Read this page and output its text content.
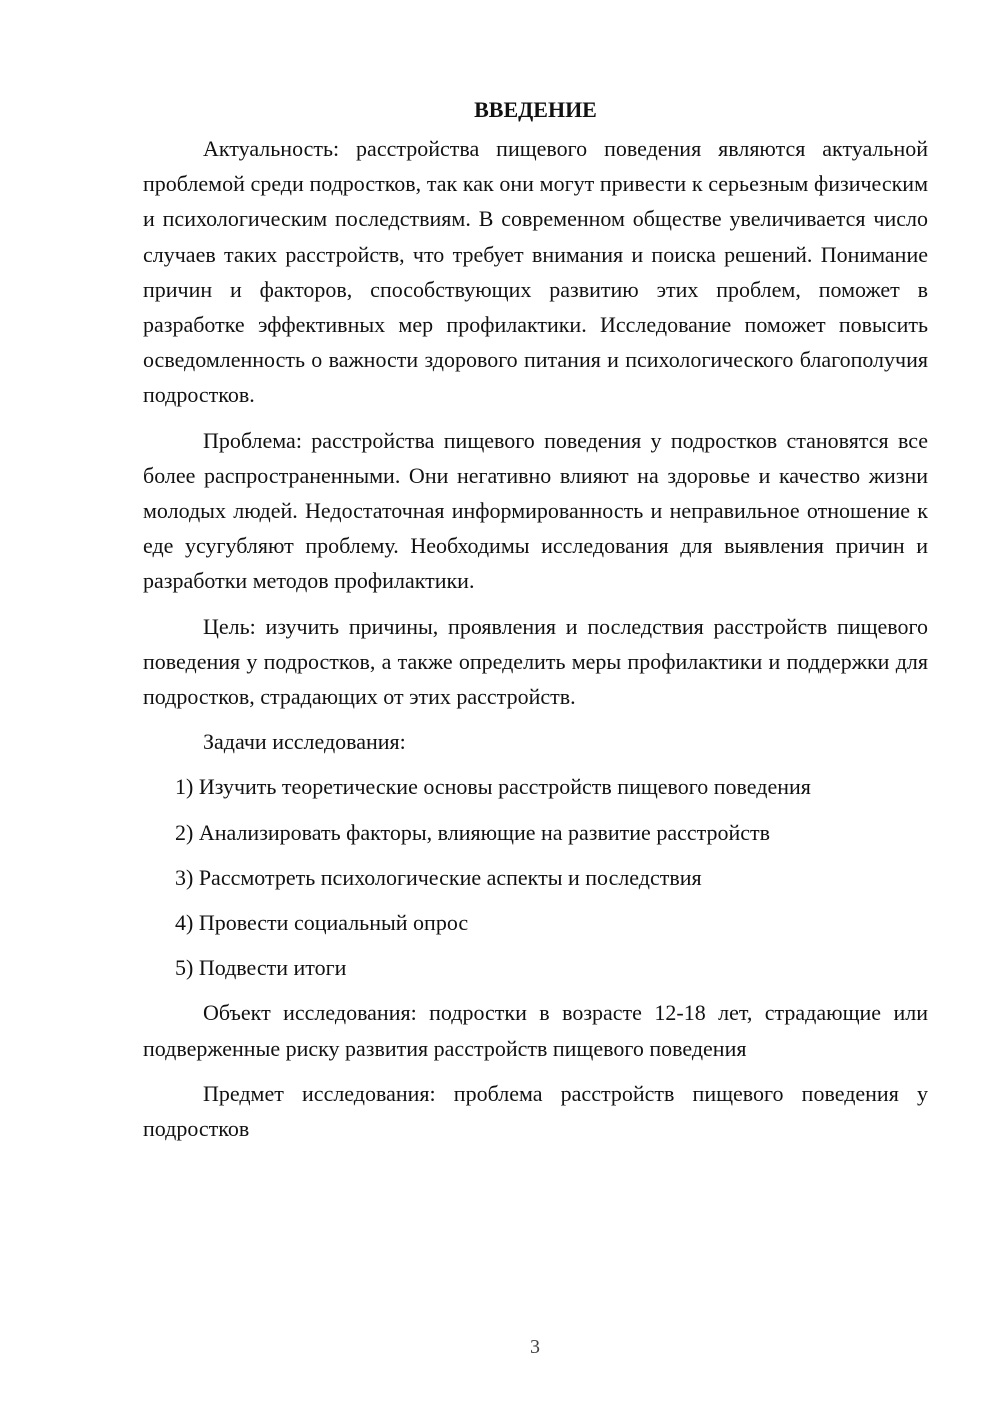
ВВЕДЕНИЕ

Актуальность: расстройства пищевого поведения являются актуальной проблемой среди подростков, так как они могут привести к серьезным физическим и психологическим последствиям. В современном обществе увеличивается число случаев таких расстройств, что требует внимания и поиска решений. Понимание причин и факторов, способствующих развитию этих проблем, поможет в разработке эффективных мер профилактики. Исследование поможет повысить осведомленность о важности здорового питания и психологического благополучия подростков.

Проблема: расстройства пищевого поведения у подростков становятся все более распространенными. Они негативно влияют на здоровье и качество жизни молодых людей. Недостаточная информированность и неправильное отношение к еде усугубляют проблему. Необходимы исследования для выявления причин и разработки методов профилактики.

Цель: изучить причины, проявления и последствия расстройств пищевого поведения у подростков, а также определить меры профилактики и поддержки для подростков, страдающих от этих расстройств.

Задачи исследования:

1) Изучить теоретические основы расстройств пищевого поведения
2) Анализировать факторы, влияющие на развитие расстройств
3) Рассмотреть психологические аспекты и последствия
4) Провести социальный опрос
5) Подвести итоги

Объект исследования: подростки в возрасте 12-18 лет, страдающие или подверженные риску развития расстройств пищевого поведения

Предмет исследования: проблема расстройств пищевого поведения у подростков

3
